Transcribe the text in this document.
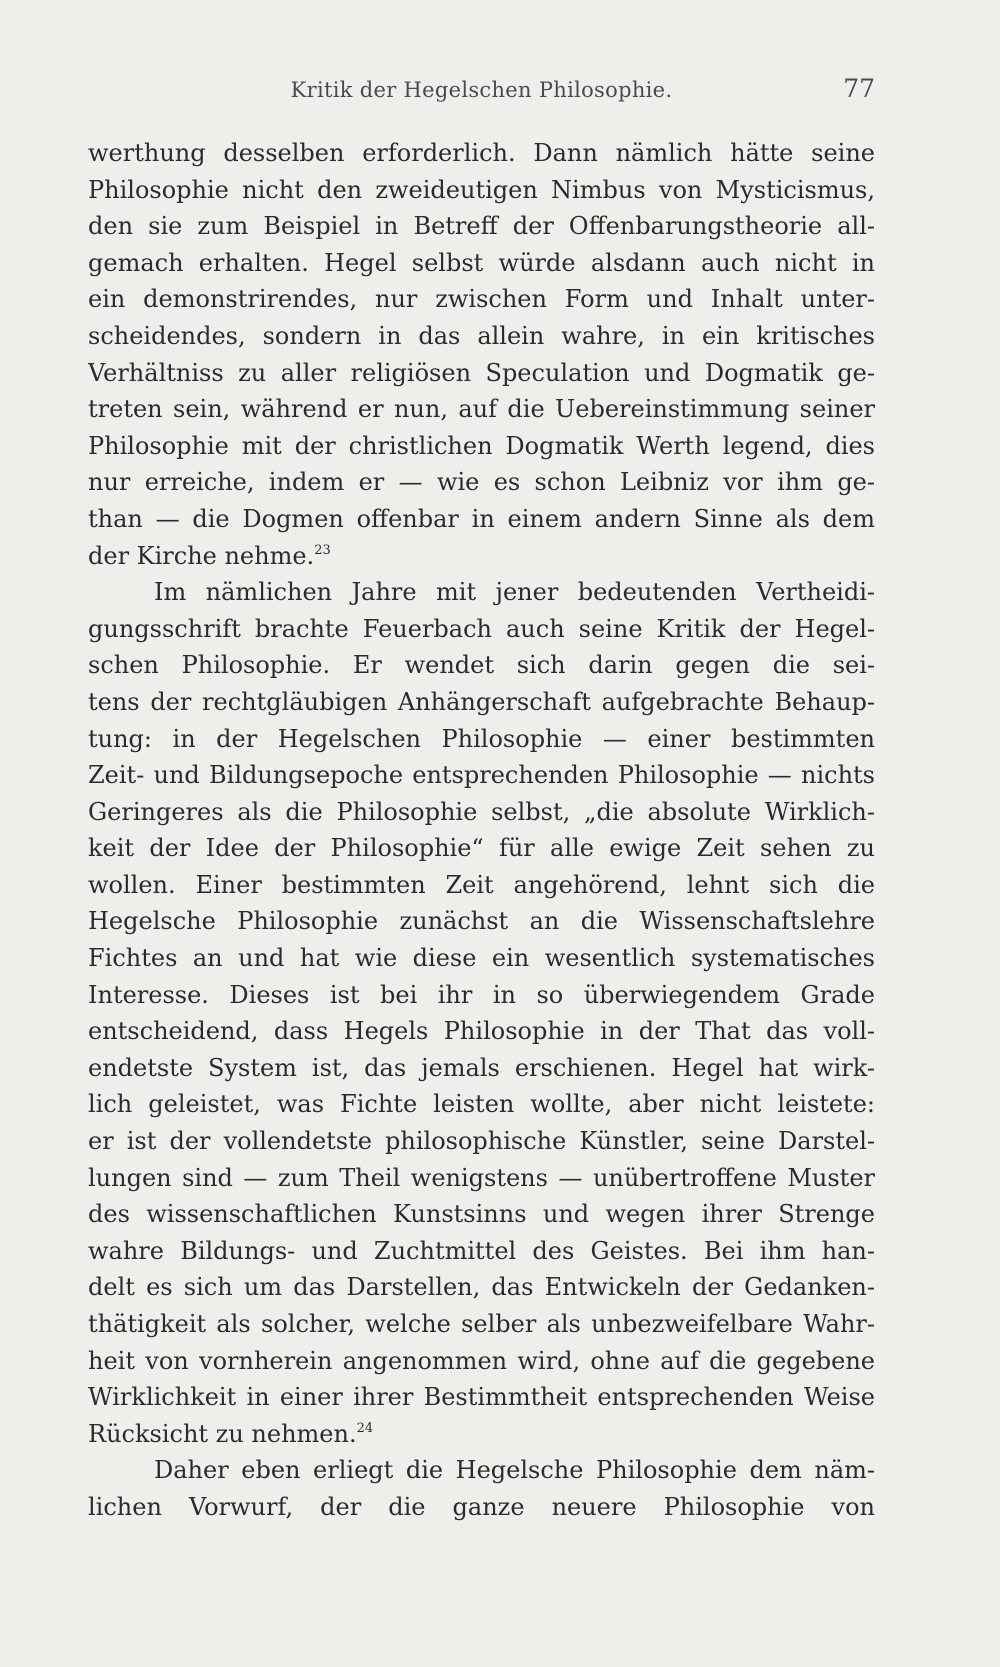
Kritik der Hegelschen Philosophie.	77
werthung desselben erforderlich. Dann nämlich hätte seine
Philosophie nicht den zweideutigen Nimbus von Mysticismus,
den sie zum Beispiel in Betreff der Offenbarungstheorie all-
gemach erhalten. Hegel selbst würde alsdann auch nicht in
ein demonstrirendes, nur zwischen Form und Inhalt unter-
scheidendes, sondern in das allein wahre, in ein kritisches
Verhältniss zu aller religiösen Speculation und Dogmatik ge-
treten sein, während er nun, auf die Uebereinstimmung seiner
Philosophie mit der christlichen Dogmatik Werth legend, dies
nur erreiche, indem er — wie es schon Leibniz vor ihm ge-
than — die Dogmen offenbar in einem andern Sinne als dem
der Kirche nehme.$^{23}$
Im nämlichen Jahre mit jener bedeutenden Vertheidi-
gungsschrift brachte Feuerbach auch seine Kritik der Hegel-
schen Philosophie. Er wendet sich darin gegen die sei-
tens der rechtgläubigen Anhängerschaft aufgebrachte Behaup-
tung: in der Hegelschen Philosophie — einer bestimmten
Zeit- und Bildungsepoche entsprechenden Philosophie — nichts
Geringeres als die Philosophie selbst, „die absolute Wirklich-
keit der Idee der Philosophie“ für alle ewige Zeit sehen zu
wollen. Einer bestimmten Zeit angehörend, lehnt sich die
Hegelsche Philosophie zunächst an die Wissenschaftslehre
Fichtes an und hat wie diese ein wesentlich systematisches
Interesse. Dieses ist bei ihr in so überwiegendem Grade
entscheidend, dass Hegels Philosophie in der That das voll-
endetste System ist, das jemals erschienen. Hegel hat wirk-
lich geleistet, was Fichte leisten wollte, aber nicht leistete:
er ist der vollendetste philosophische Künstler, seine Darstel-
lungen sind — zum Theil wenigstens — unübertroffene Muster
des wissenschaftlichen Kunstsinns und wegen ihrer Strenge
wahre Bildungs- und Zuchtmittel des Geistes. Bei ihm han-
delt es sich um das Darstellen, das Entwickeln der Gedanken-
thätigkeit als solcher, welche selber als unbezweifelbare Wahr-
heit von vornherein angenommen wird, ohne auf die gegebene
Wirklichkeit in einer ihrer Bestimmtheit entsprechenden Weise
Rücksicht zu nehmen.$^{24}$
Daher eben erliegt die Hegelsche Philosophie dem näm-
lichen Vorwurf, der die ganze neuere Philosophie von
